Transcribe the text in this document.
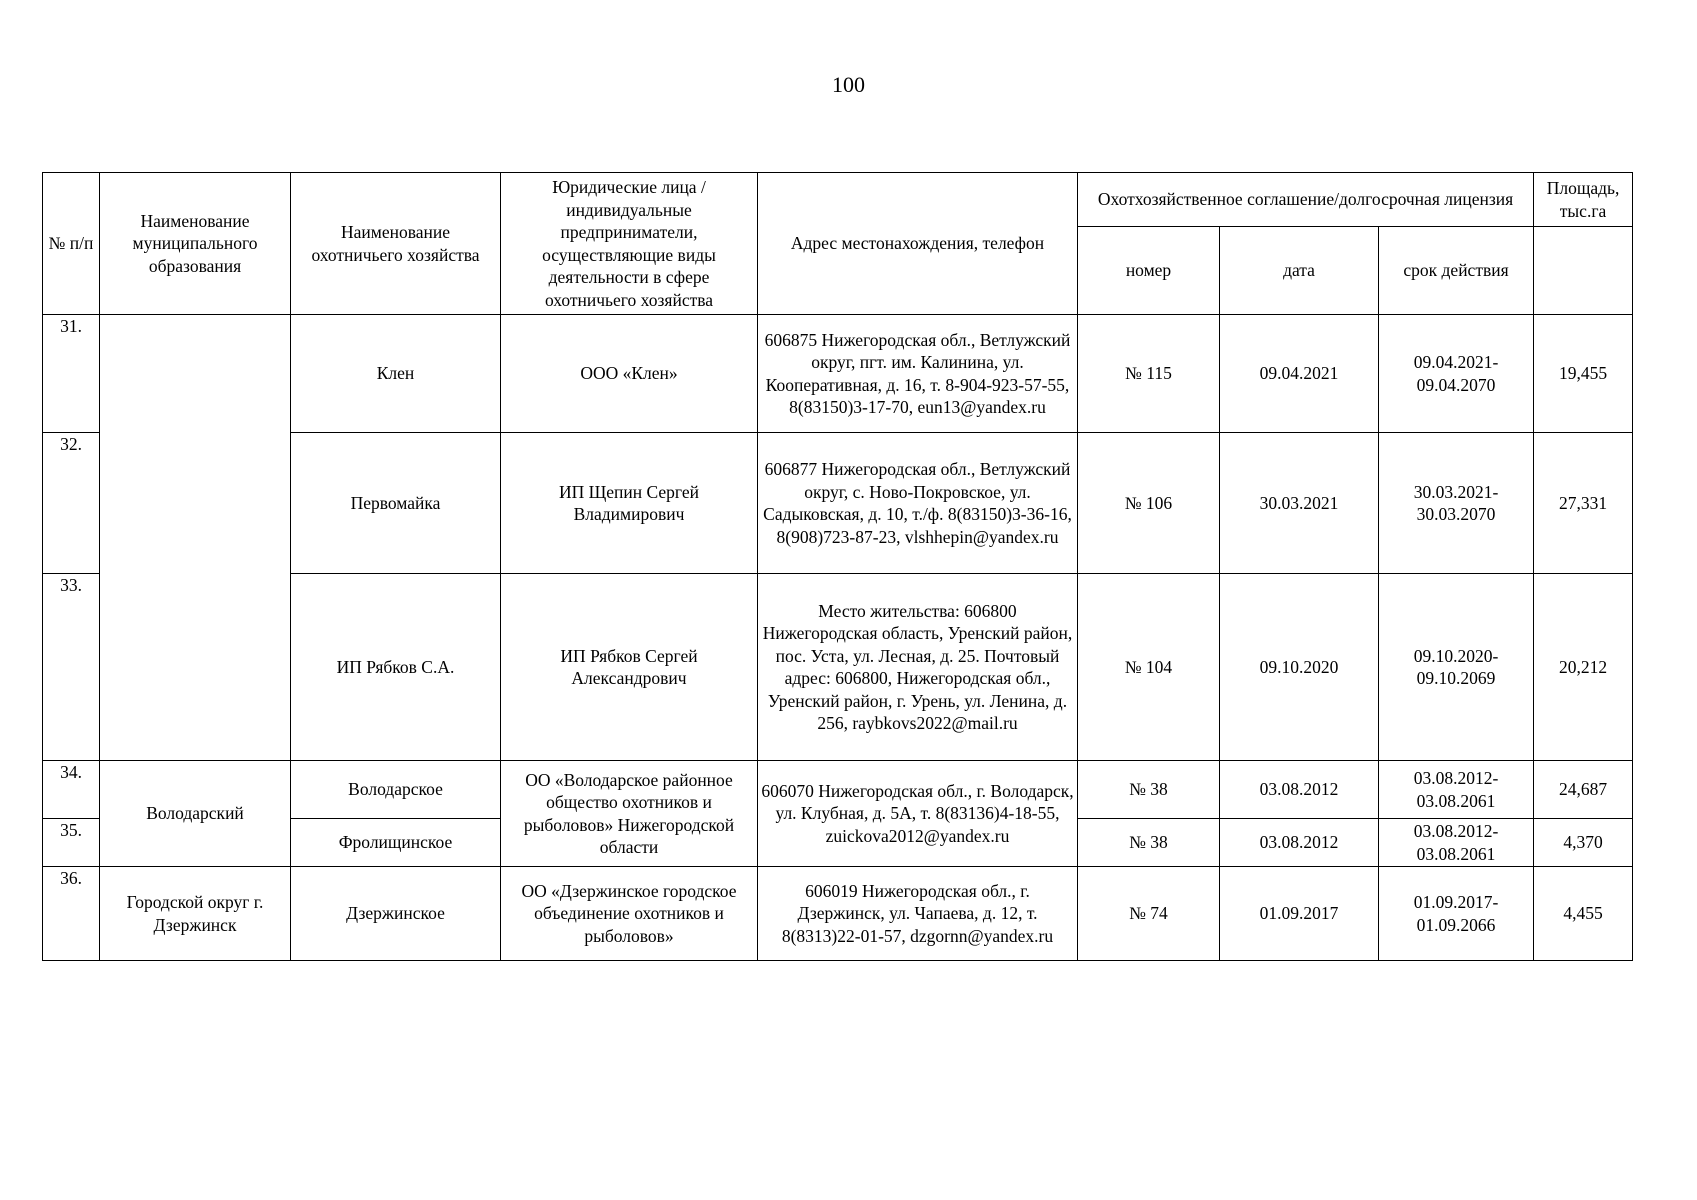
100
№ п/п	Наименование муниципального образования	Наименование охотничьего хозяйства	Юридические лица / индивидуальные предприниматели, осуществляющие виды деятельности в сфере охотничьего хозяйства	Адрес местонахождения, телефон	Охотхозяйственное соглашение/долгосрочная лицензия			Площадь, тыс.га
					номер	дата	срок действия	
31.		Клен	ООО «Клен»	606875 Нижегородская обл., Ветлужский округ, пгт. им. Калинина, ул. Кооперативная, д. 16, т. 8-904-923-57-55, 8(83150)3-17-70, eun13@yandex.ru	№ 115	09.04.2021	09.04.2021-09.04.2070	19,455
32.		Первомайка	ИП Щепин Сергей Владимирович	606877 Нижегородская обл., Ветлужский округ, с. Ново-Покровское, ул. Садыковская, д. 10, т./ф. 8(83150)3-36-16, 8(908)723-87-23, vlshhepin@yandex.ru	№ 106	30.03.2021	30.03.2021-30.03.2070	27,331
33.		ИП Рябков С.А.	ИП Рябков Сергей Александрович	Место жительства: 606800 Нижегородская область, Уренский район, пос. Уста, ул. Лесная, д. 25. Почтовый адрес: 606800, Нижегородская обл., Уренский район, г. Урень, ул. Ленина, д. 256, raybkovs2022@mail.ru	№ 104	09.10.2020	09.10.2020-09.10.2069	20,212
34.	Володарский	Володарское	ОО «Володарское районное общество охотников и рыболовов» Нижегородской области	606070 Нижегородская обл., г. Володарск, ул. Клубная, д. 5А, т. 8(83136)4-18-55, zuickova2012@yandex.ru	№ 38	03.08.2012	03.08.2012-03.08.2061	24,687
35.		Фролищинское			№ 38	03.08.2012	03.08.2012-03.08.2061	4,370
36.	Городской округ г. Дзержинск	Дзержинское	ОО «Дзержинское городское объединение охотников и рыболовов»	606019 Нижегородская обл., г. Дзержинск, ул. Чапаева, д. 12, т. 8(8313)22-01-57, dzgornn@yandex.ru	№ 74	01.09.2017	01.09.2017-01.09.2066	4,455
